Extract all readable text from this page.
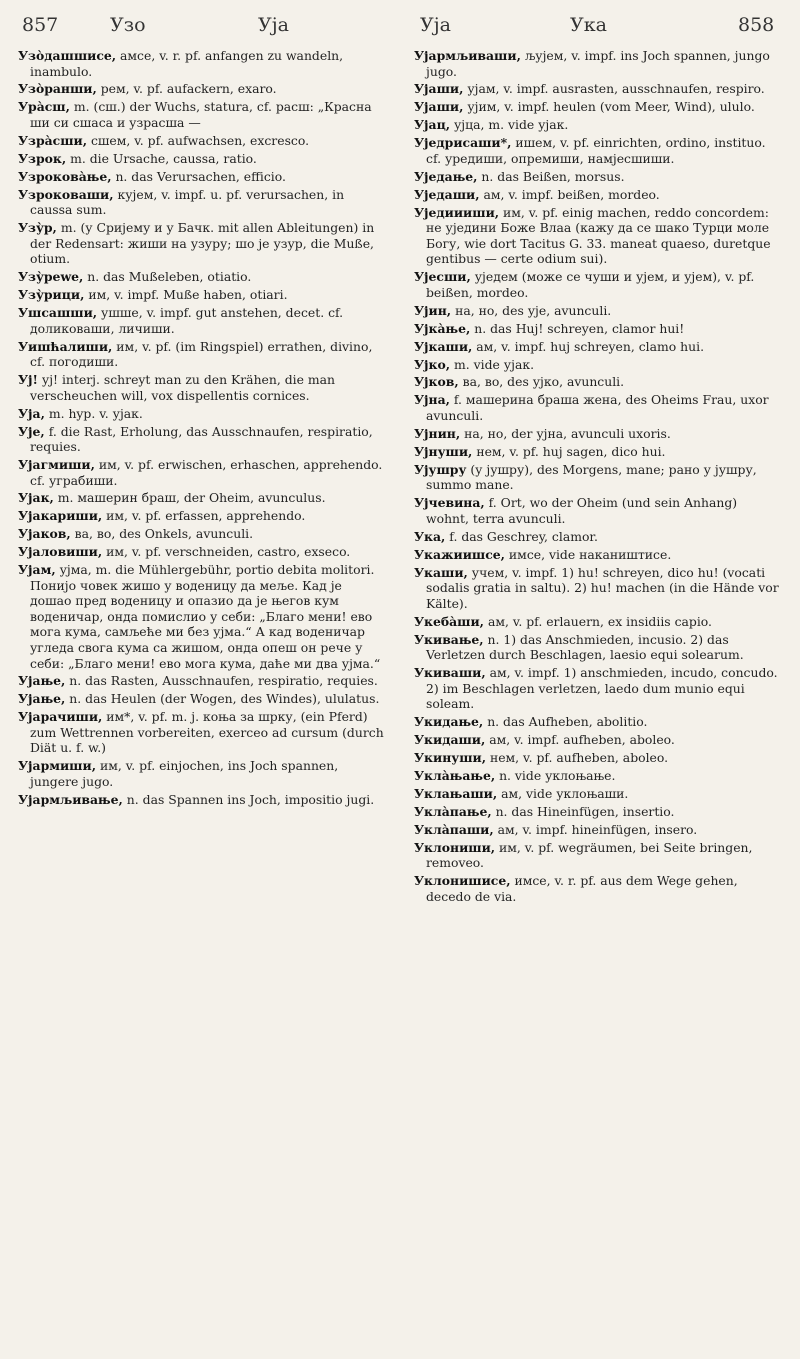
857	Узо	Уја	Уја	Ука	858

Узо̀дашшисе, амсе, v. r. pf. anfangen zu wandeln, inambulo.

Узо̀ранши, рем, v. pf. aufackern, exaro.

Ура̀сш, m. (сш.) der Wuchs, statura, cf. расш: „Красна ши си сшаса и узрасша —

Узра̀сши, сшем, v. pf. aufwachsen, excresco.

Узрок, m. die Ursache, caussa, ratio.

Узрокова̀ње, n. das Verursachen, efficio.

Узроковаши, кујем, v. impf. u. pf. verursachen, in caussa sum.

Узу̀р, m. (у Сријему и у Бачк. mit allen Ableitungen) in der Redensart: жиши на узуру; шо је узур, die Muße, otium.

Узу̀реwе, n. das Mußeleben, otiatio.

Узу̀рици, им, v. impf. Muße haben, otiari.

Ушсашши, ушше, v. impf. gut anstehen, decet. cf. доликоваши, личиши.

Уишћалиши, им, v. pf. (im Ringspiel) errathen, divino, cf. погодиши.

Уј! уј! interj. schreyt man zu den Krähen, die man verscheuchen will, vox dispellentis cornices.

Уја, m. hyp. v. ујак.

Ује, f. die Rast, Erholung, das Ausschnaufen, respiratio, requies.

Ујагмиши, им, v. pf. erwischen, erhaschen, apprehendo. cf. уграбиши.

Ујак, m. машерин браш, der Oheim, avunculus.

Ујакариши, им, v. pf. erfassen, apprehendo.

Ујаков, ва, во, des Onkels, avunculi.

Ујаловиши, им, v. pf. verschneiden, castro, exseco.

Ујам, ујма, m. die Mühlergebühr, portio debita molitori. Понијо човек жишо у воденицу да меље. Кад је дошао пред воденицу и опазио да је његов кум воденичар, онда помислио у себи: „Благо мени! ево мога кума, самљеће ми без ујма.“ А кад воденичар угледа свога кума са жишом, онда опеш он рече у себи: „Благо мени! ево мога кума, даће ми два ујма.“

Ујање, n. das Rasten, Ausschnaufen, respiratio, requies.

Ујање, n. das Heulen (der Wogen, des Windes), ululatus.

Ујарачиши, им*, v. pf. m. j. коња за шрку, (ein Pferd) zum Wettrennen vorbereiten, exerceo ad cursum (durch Diät u. f. w.)

Ујармиши, им, v. pf. einjochen, ins Joch spannen, jungere jugo.

Ујармљивање, n. das Spannen ins Joch, impositio jugi.

Ујармљиваши, љујем, v. impf. ins Joch spannen, jungo jugo.

Ујаши, ујам, v. impf. ausrasten, ausschnaufen, respiro.

Ујаши, ујим, v. impf. heulen (vom Meer, Wind), ululo.

Ујац, ујца, m. vide ујак.

Уједрисаши*, ишем, v. pf. einrichten, ordino, instituo. cf. уредиши, опремиши, намјесшиши.

Уједање, n. das Beißen, morsus.

Уједаши, ам, v. impf. beißen, mordeo.

Уједиииши, им, v. pf. einig machen, reddo concordem: не уједини Боже Влаа (кажу да се шако Турци моле Богу, wie dort Tacitus G. 33. maneat quaeso, duretque gentibus — certe odium sui).

Ујесши, уједем (може се чуши и ујем, и ујем), v. pf. beißen, mordeo.

Ујин, на, но, des ује, avunculi.

Ујка̀ње, n. das Huj! schreyen, clamor hui!

Ујкаши, ам, v. impf. huj schreyen, clamo hui.

Ујко, m. vide ујак.

Ујков, ва, во, des ујко, avunculi.

Ујна, f. машерина браша жена, des Oheims Frau, uxor avunculi.

Ујнин, на, но, der ујна, avunculi uxoris.

Ујнуши, нем, v. pf. huj sagen, dico hui.

Ујушру (у јушру), des Morgens, mane; рано у јушру, summo mane.

Ујчевина, f. Ort, wo der Oheim (und sein Anhang) wohnt, terra avunculi.

Ука, f. das Geschrey, clamor.

Укажиишсе, имсе, vide накаништисе.

Укаши, учем, v. impf. 1) hu! schreyen, dico hu! (vocati sodalis gratia in saltu). 2) hu! machen (in die Hände vor Kälte).

Укеба̀ши, ам, v. pf. erlauern, ex insidiis capio.

Укивање, n. 1) das Anschmieden, incusio. 2) das Verletzen durch Beschlagen, laesio equi solearum.

Укиваши, ам, v. impf. 1) anschmieden, incudo, concudo. 2) im Beschlagen verletzen, laedo dum munio equi soleam.

Укидање, n. das Aufheben, abolitio.

Укидаши, ам, v. impf. aufheben, aboleo.

Укинуши, нем, v. pf. aufheben, aboleo.

Укла̀њање, n. vide уклоњање.

Уклањаши, ам, vide уклоњаши.

Укла̀пање, n. das Hineinfügen, insertio.

Укла̀паши, ам, v. impf. hineinfügen, insero.

Уклониши, им, v. pf. wegräumen, bei Seite bringen, removeo.

Уклонишисе, имсе, v. r. pf. aus dem Wege gehen, decedo de via.
